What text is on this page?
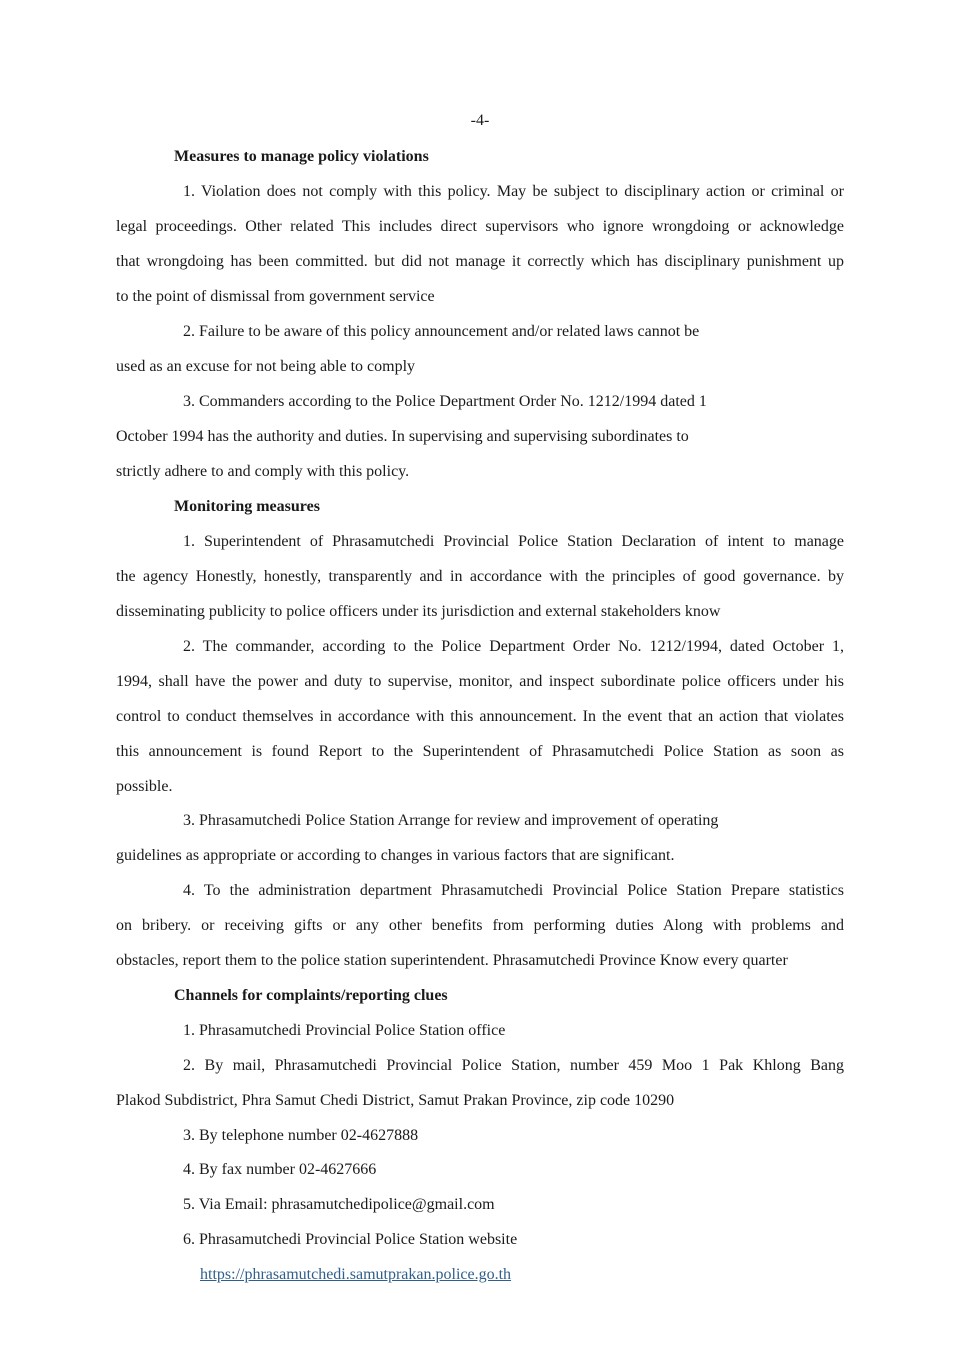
-4-
Measures to manage policy violations
1. Violation does not comply with this policy. May be subject to disciplinary action or criminal or
legal proceedings. Other related This includes direct supervisors who ignore wrongdoing or acknowledge
that wrongdoing has been committed. but did not manage it correctly which has disciplinary punishment up
to the point of dismissal from government service
2. Failure to be aware of this policy announcement and/or related laws cannot be
used as an excuse for not being able to comply
3. Commanders according to the Police Department Order No. 1212/1994 dated 1
October 1994 has the authority and duties. In supervising and supervising subordinates to
strictly adhere to and comply with this policy.
Monitoring measures
1. Superintendent of Phrasamutchedi Provincial Police Station Declaration of intent to manage
the agency Honestly, honestly, transparently and in accordance with the principles of good governance. by
disseminating publicity to police officers under its jurisdiction and external stakeholders know
2. The commander, according to the Police Department Order No. 1212/1994, dated October 1,
1994, shall have the power and duty to supervise, monitor, and inspect subordinate police officers under his
control to conduct themselves in accordance with this announcement. In the event that an action that violates
this announcement is found Report to the Superintendent of Phrasamutchedi Police Station as soon as
possible.
3. Phrasamutchedi Police Station Arrange for review and improvement of operating
guidelines as appropriate or according to changes in various factors that are significant.
4. To the administration department Phrasamutchedi Provincial Police Station Prepare statistics
on bribery. or receiving gifts or any other benefits from performing duties Along with problems and
obstacles, report them to the police station superintendent. Phrasamutchedi Province Know every quarter
Channels for complaints/reporting clues
1. Phrasamutchedi Provincial Police Station office
2. By mail, Phrasamutchedi Provincial Police Station, number 459 Moo 1 Pak Khlong Bang
Plakod Subdistrict, Phra Samut Chedi District, Samut Prakan Province, zip code 10290
3. By telephone number 02-4627888
4. By fax number 02-4627666
5. Via Email: phrasamutchedipolice@gmail.com
6. Phrasamutchedi Provincial Police Station website
https://phrasamutchedi.samutprakan.police.go.th
